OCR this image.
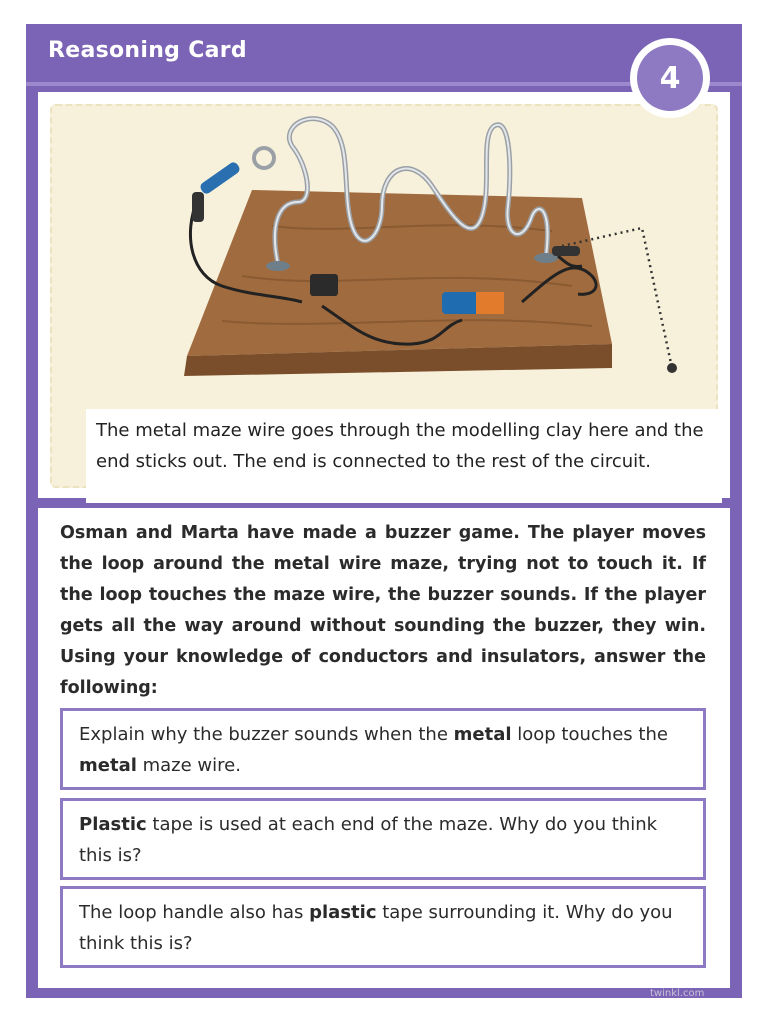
Reasoning Card
The metal maze wire goes through the modelling clay here and the end sticks out. The end is connected to the rest of the circuit.
Osman and Marta have made a buzzer game. The player moves the loop around the metal wire maze, trying not to touch it. If the loop touches the maze wire, the buzzer sounds. If the player gets all the way around without sounding the buzzer, they win. Using your knowledge of conductors and insulators, answer the following:
Explain why the buzzer sounds when the metal loop touches the metal maze wire.
Plastic tape is used at each end of the maze. Why do you think this is?
The loop handle also has plastic tape surrounding it. Why do you think this is?
4
twinkl.com
